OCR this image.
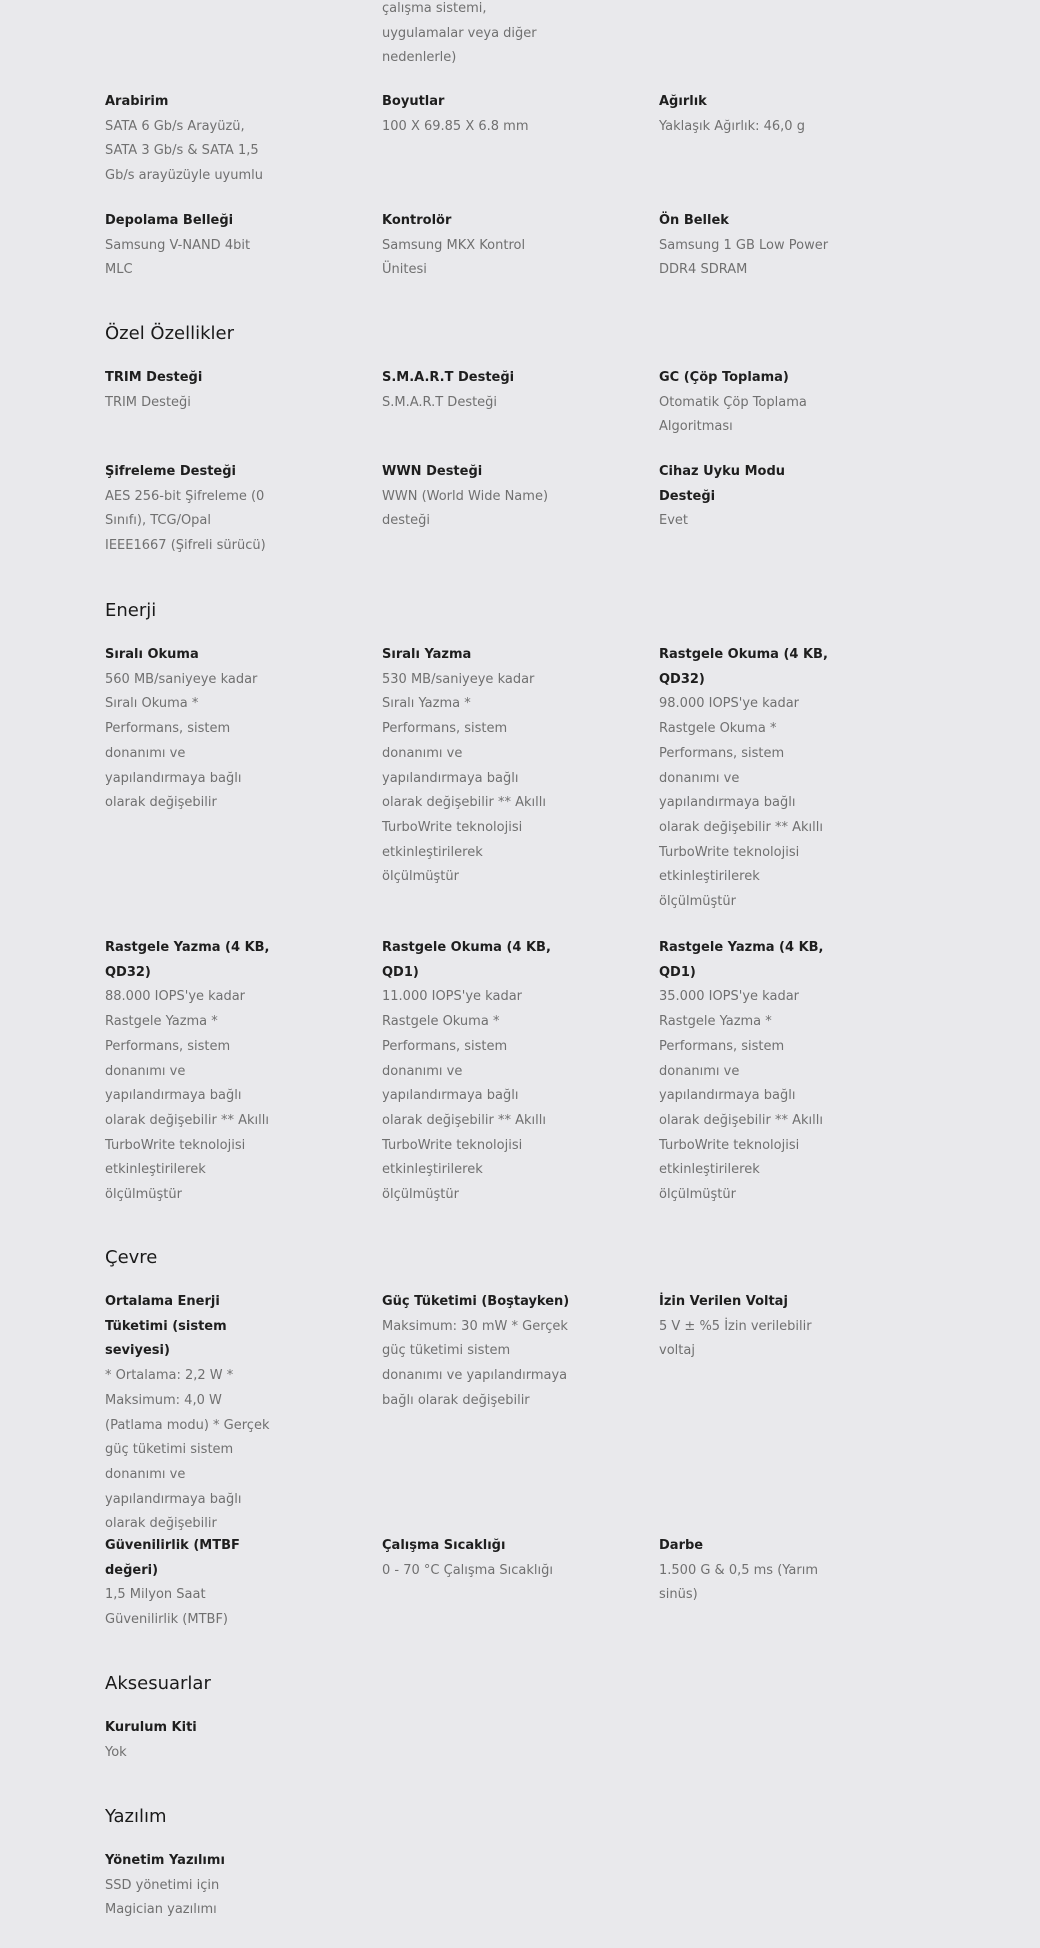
çalışma sistemi, uygulamalar veya diğer nedenlerle)
Arabirim
SATA 6 Gb/s Arayüzü, SATA 3 Gb/s & SATA 1,5 Gb/s arayüzüyle uyumlu
Boyutlar
100 X 69.85 X 6.8 mm
Ağırlık
Yaklaşık Ağırlık: 46,0 g
Depolama Belleği
Samsung V-NAND 4bit MLC
Kontrolör
Samsung MKX Kontrol Ünitesi
Ön Bellek
Samsung 1 GB Low Power DDR4 SDRAM
Özel Özellikler
TRIM Desteği
TRIM Desteği
S.M.A.R.T Desteği
S.M.A.R.T Desteği
GC (Çöp Toplama)
Otomatik Çöp Toplama Algoritması
Şifreleme Desteği
AES 256-bit Şifreleme (0 Sınıfı), TCG/Opal IEEE1667 (Şifreli sürücü)
WWN Desteği
WWN (World Wide Name) desteği
Cihaz Uyku Modu Desteği
Evet
Enerji
Sıralı Okuma
560 MB/saniyeye kadar Sıralı Okuma * Performans, sistem donanımı ve yapılandırmaya bağlı olarak değişebilir
Sıralı Yazma
530 MB/saniyeye kadar Sıralı Yazma * Performans, sistem donanımı ve yapılandırmaya bağlı olarak değişebilir ** Akıllı TurboWrite teknolojisi etkinleştirilerek ölçülmüştür
Rastgele Okuma (4 KB, QD32)
98.000 IOPS'ye kadar Rastgele Okuma * Performans, sistem donanımı ve yapılandırmaya bağlı olarak değişebilir ** Akıllı TurboWrite teknolojisi etkinleştirilerek ölçülmüştür
Rastgele Yazma (4 KB, QD32)
88.000 IOPS'ye kadar Rastgele Yazma * Performans, sistem donanımı ve yapılandırmaya bağlı olarak değişebilir ** Akıllı TurboWrite teknolojisi etkinleştirilerek ölçülmüştür
Rastgele Okuma (4 KB, QD1)
11.000 IOPS'ye kadar Rastgele Okuma * Performans, sistem donanımı ve yapılandırmaya bağlı olarak değişebilir ** Akıllı TurboWrite teknolojisi etkinleştirilerek ölçülmüştür
Rastgele Yazma (4 KB, QD1)
35.000 IOPS'ye kadar Rastgele Yazma * Performans, sistem donanımı ve yapılandırmaya bağlı olarak değişebilir ** Akıllı TurboWrite teknolojisi etkinleştirilerek ölçülmüştür
Çevre
Ortalama Enerji Tüketimi (sistem seviyesi)
* Ortalama: 2,2 W * Maksimum: 4,0 W (Patlama modu) * Gerçek güç tüketimi sistem donanımı ve yapılandırmaya bağlı olarak değişebilir
Güç Tüketimi (Boştayken)
Maksimum: 30 mW * Gerçek güç tüketimi sistem donanımı ve yapılandırmaya bağlı olarak değişebilir
İzin Verilen Voltaj
5 V ± %5 İzin verilebilir voltaj
Güvenilirlik (MTBF değeri)
1,5 Milyon Saat Güvenilirlik (MTBF)
Çalışma Sıcaklığı
0 - 70 °C Çalışma Sıcaklığı
Darbe
1.500 G & 0,5 ms (Yarım sinüs)
Aksesuarlar
Kurulum Kiti
Yok
Yazılım
Yönetim Yazılımı
SSD yönetimi için Magician yazılımı
